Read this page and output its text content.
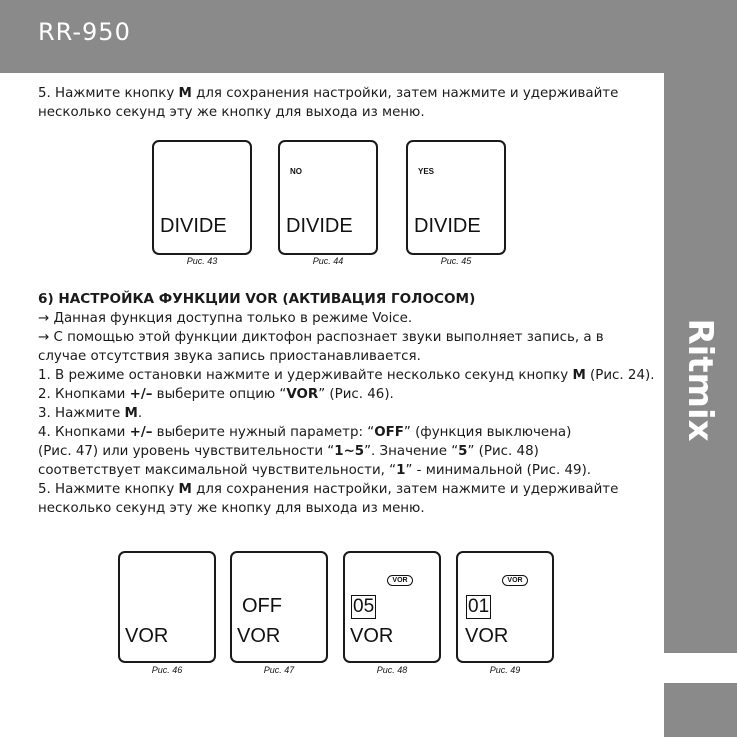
RR-950
Ritmix
5. Нажмите кнопку M для сохранения настройки, затем нажмите и удерживайте
несколько секунд эту же кнопку для выхода из меню.
DIVIDE
Рис. 43
NO
DIVIDE
Рис. 44
YES
DIVIDE
Рис. 45
6) НАСТРОЙКА ФУНКЦИИ VOR (АКТИВАЦИЯ ГОЛОСОМ)
→ Данная функция доступна только в режиме Voice.
→ С помощью этой функции диктофон распознает звуки выполняет запись, а в
случае отсутствия звука запись приостанавливается.
1. В режиме остановки нажмите и удерживайте несколько секунд кнопку M (Рис. 24).
2. Кнопками +/– выберите опцию “VOR” (Рис. 46).
3. Нажмите M.
4. Кнопками +/– выберите нужный параметр: “OFF” (функция выключена)
(Рис. 47) или уровень чувствительности “1~5”. Значение “5” (Рис. 48)
соответствует максимальной чувствительности, “1” - минимальной (Рис. 49).
5. Нажмите кнопку M для сохранения настройки, затем нажмите и удерживайте
несколько секунд эту же кнопку для выхода из меню.
VOR
Рис. 46
OFF
VOR
Рис. 47
VOR
05
VOR
Рис. 48
VOR
01
VOR
Рис. 49
